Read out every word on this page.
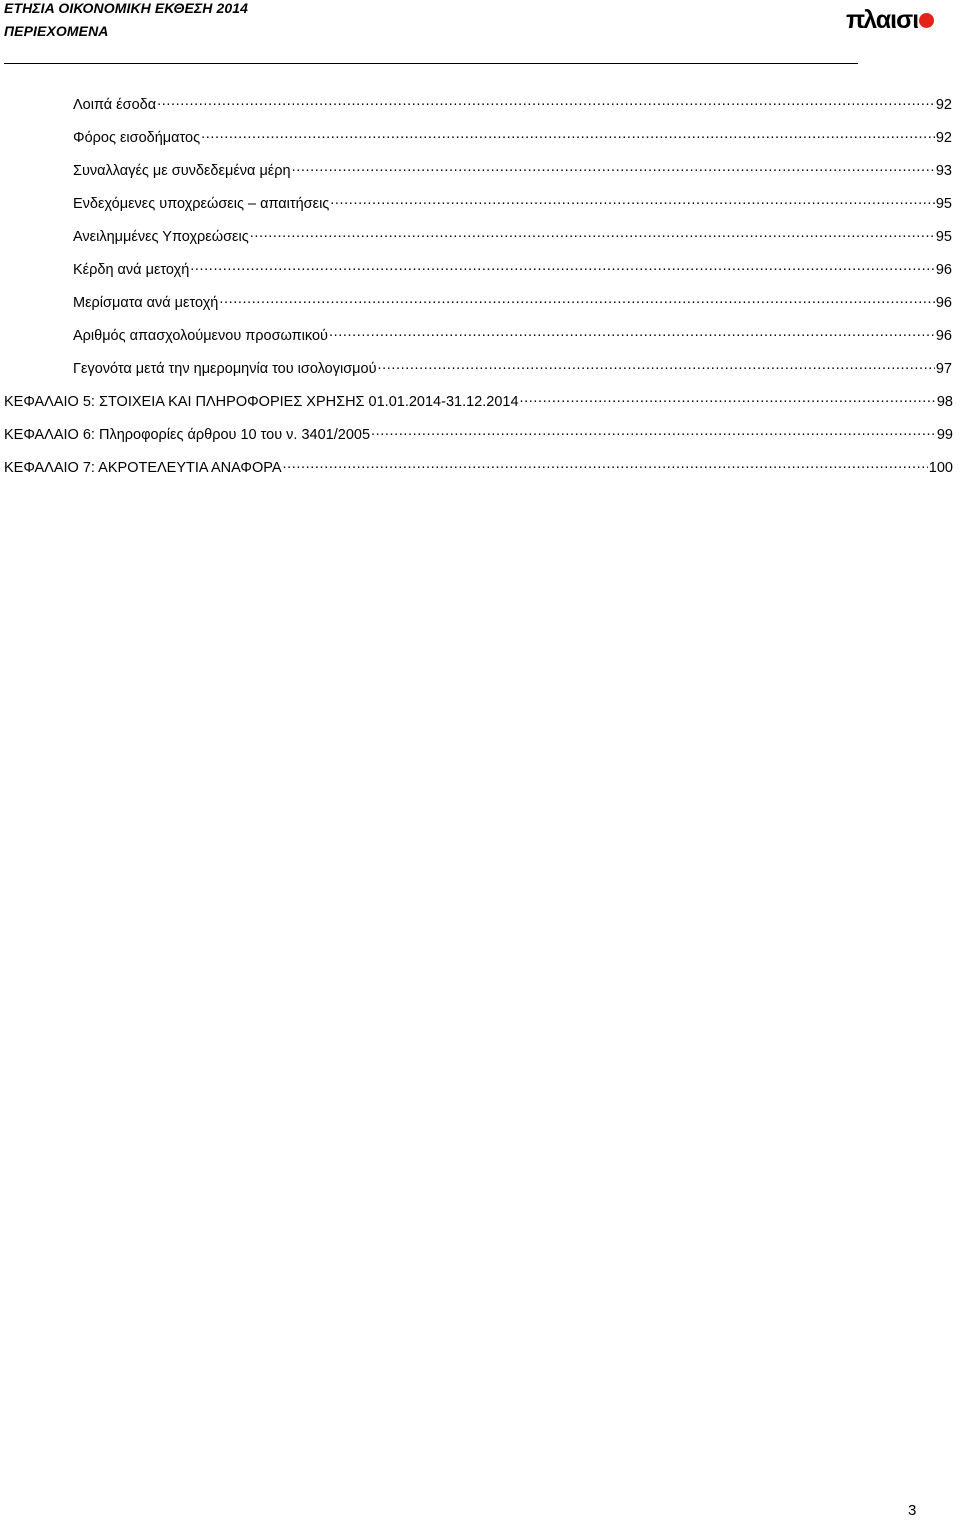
ΕΤΗΣΙΑ ΟΙΚΟΝΟΜΙΚΗ ΕΚΘΕΣΗ 2014
ΠΕΡΙΕΧΟΜΕΝΑ	πλαισι
Λοιπά έσοδα .....	92
Φόρος εισοδήματος .....	92
Συναλλαγές με συνδεδεμένα μέρη .....	93
Ενδεχόμενες υποχρεώσεις – απαιτήσεις .....	95
Ανειλημμένες Υποχρεώσεις .....	95
Κέρδη ανά μετοχή .....	96
Μερίσματα ανά μετοχή .....	96
Αριθμός απασχολούμενου προσωπικού .....	96
Γεγονότα μετά την ημερομηνία του ισολογισμού .....	97
ΚΕΦΑΛΑΙΟ 5: ΣΤΟΙΧΕΙΑ ΚΑΙ ΠΛΗΡΟΦΟΡΙΕΣ ΧΡΗΣΗΣ 01.01.2014-31.12.2014 .....	98
ΚΕΦΑΛΑΙΟ 6: Πληροφορίες άρθρου 10 του ν. 3401/2005 .....	99
ΚΕΦΑΛΑΙΟ 7: ΑΚΡΟΤΕΛΕΥΤΙΑ ΑΝΑΦΟΡΑ .....	100
3
